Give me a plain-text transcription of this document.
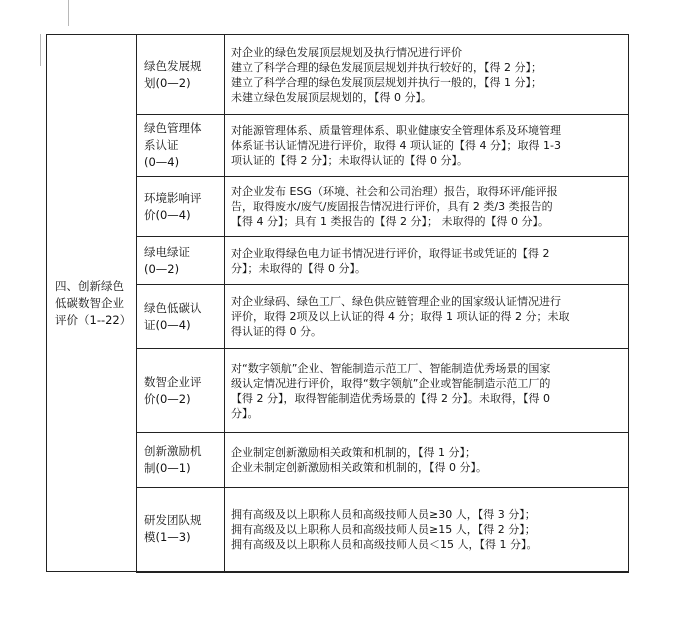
四、创新绿色
低碳数智企业
评价（1--22）	绿色发展规
划(0—2)	对企业的绿色发展顶层规划及执行情况进行评价
建立了科学合理的绿色发展顶层规划并执行较好的，【得 2 分】；
建立了科学合理的绿色发展顶层规划并执行一般的，【得 1 分】；
未建立绿色发展顶层规划的，【得 0 分】。

	绿色管理体
系认证
(0—4)	对能源管理体系、质量管理体系、职业健康安全管理体系及环境管理
体系证书认证情况进行评价，取得 4 项认证的【得 4 分】；取得 1-3
项认证的【得 2 分】；未取得认证的【得 0 分】。

	环境影响评
价(0—4)	对企业发布 ESG（环境、社会和公司治理）报告，取得环评/能评报
告，取得废水/废气/废固报告情况进行评价，具有 2 类/3 类报告的
【得 4 分】；具有 1 类报告的【得 2 分】； 未取得的【得 0 分】。

	绿电绿证
(0—2)	对企业取得绿色电力证书情况进行评价，取得证书或凭证的【得 2
分】；未取得的【得 0 分】。

	绿色低碳认
证(0—4)	对企业绿码、绿色工厂、绿色供应链管理企业的国家级认证情况进行
评价，取得 2项及以上认证的得 4 分；取得 1 项认证的得 2 分；未取
得认证的得 0 分。

	数智企业评
价(0—2)	对“数字领航”企业、智能制造示范工厂、智能制造优秀场景的国家
级认定情况进行评价，取得“数字领航”企业或智能制造示范工厂的
【得 2 分】，取得智能制造优秀场景的【得 2 分】。未取得，【得 0
分】。

	创新激励机
制(0—1)	企业制定创新激励相关政策和机制的，【得 1 分】；
企业未制定创新激励相关政策和机制的，【得 0 分】。

	研发团队规
模(1—3)	拥有高级及以上职称人员和高级技师人员≥30 人，【得 3 分】；
拥有高级及以上职称人员和高级技师人员≥15 人，【得 2 分】；
拥有高级及以上职称人员和高级技师人员＜15 人，【得 1 分】。
